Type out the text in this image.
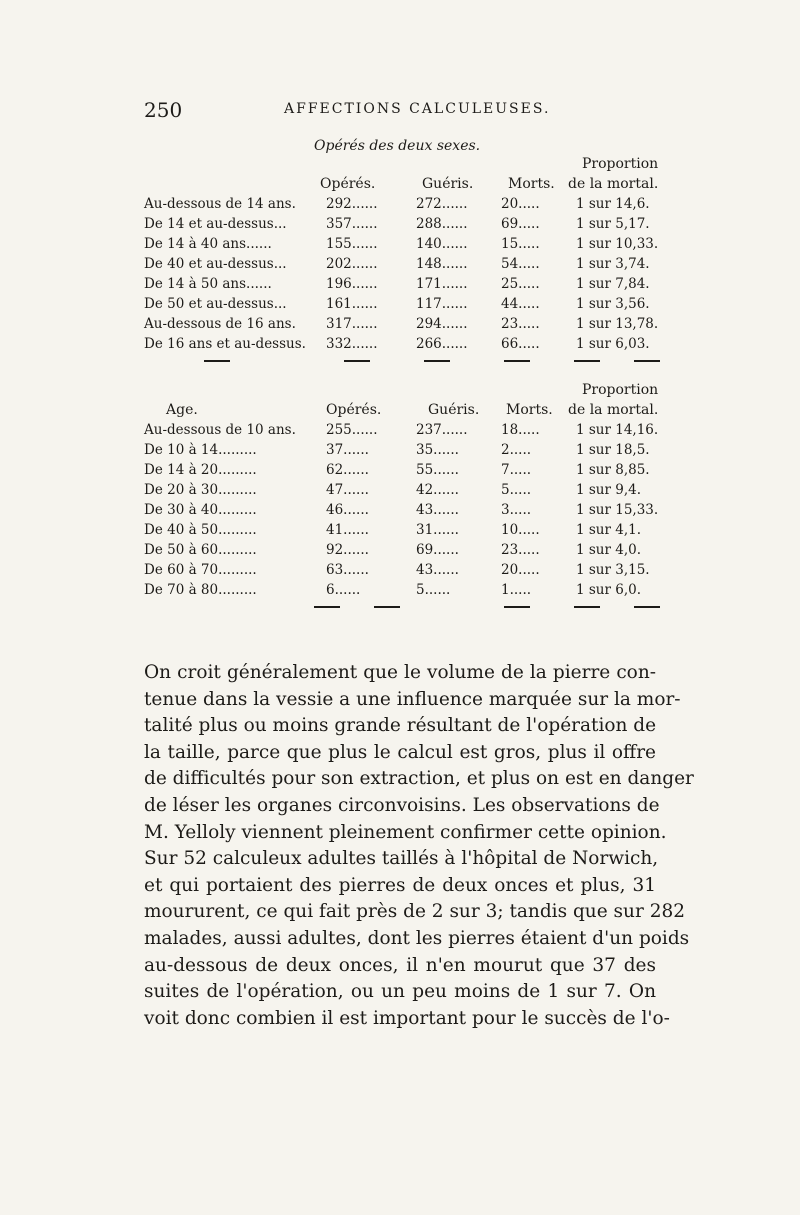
250	AFFECTIONS CALCULEUSES.
Opérés des deux sexes.
Proportion
Opérés.	Guéris. Morts. de la mortal.
Au-dessous de 14 ans. 292......	272...... 20.....	1 sur 14,6.
De 14 et au-dessus...	357......	288...... 69.....	1 sur 5,17.
De 14 à 40 ans......	155......	140...... 15.....	1 sur 10,33.
De 40 et au-dessus...	202......	148...... 54.....	1 sur 3,74.
De 14 à 50 ans......	196......	171...... 25.....	1 sur 7,84.
De 50 et au-dessus...	161......	117...... 44.....	1 sur 3,56.
Au-dessous de 16 ans. 317......	294...... 23.....	1 sur 13,78.
De 16 ans et au-dessus. 332......	266...... 66.....	1 sur 6,03.
Proportion
Age.	Opérés.	Guéris. Morts. de la mortal.
Au-dessous de 10 ans. 255......	237...... 18.....	1 sur 14,16.
De 10 à 14.........	37......	35......	2.....	1 sur 18,5.
De 14 à 20.........	62......	55......	7.....	1 sur 8,85.
De 20 à 30.........	47......	42......	5.....	1 sur 9,4.
De 30 à 40.........	46......	43......	3.....	1 sur 15,33.
De 40 à 50.........	41......	31......	10.....	1 sur 4,1.
De 50 à 60.........	92......	69......	23.....	1 sur 4,0.
De 60 à 70.........	63......	43......	20.....	1 sur 3,15.
De 70 à 80.........	6......	5......	1.....	1 sur 6,0.
On croit généralement que le volume de la pierre con-
tenue dans la vessie a une influence marquée sur la mor-
talité plus ou moins grande résultant de l'opération de
la taille, parce que plus le calcul est gros, plus il offre
de difficultés pour son extraction, et plus on est en danger
de léser les organes circonvoisins. Les observations de
M. Yelloly viennent pleinement confirmer cette opinion.
Sur 52 calculeux adultes taillés à l'hôpital de Norwich,
et qui portaient des pierres de deux onces et plus, 31
moururent, ce qui fait près de 2 sur 3; tandis que sur 282
malades, aussi adultes, dont les pierres étaient d'un poids
au-dessous de deux onces, il n'en mourut que 37 des
suites de l'opération, ou un peu moins de 1 sur 7. On
voit donc combien il est important pour le succès de l'o-
